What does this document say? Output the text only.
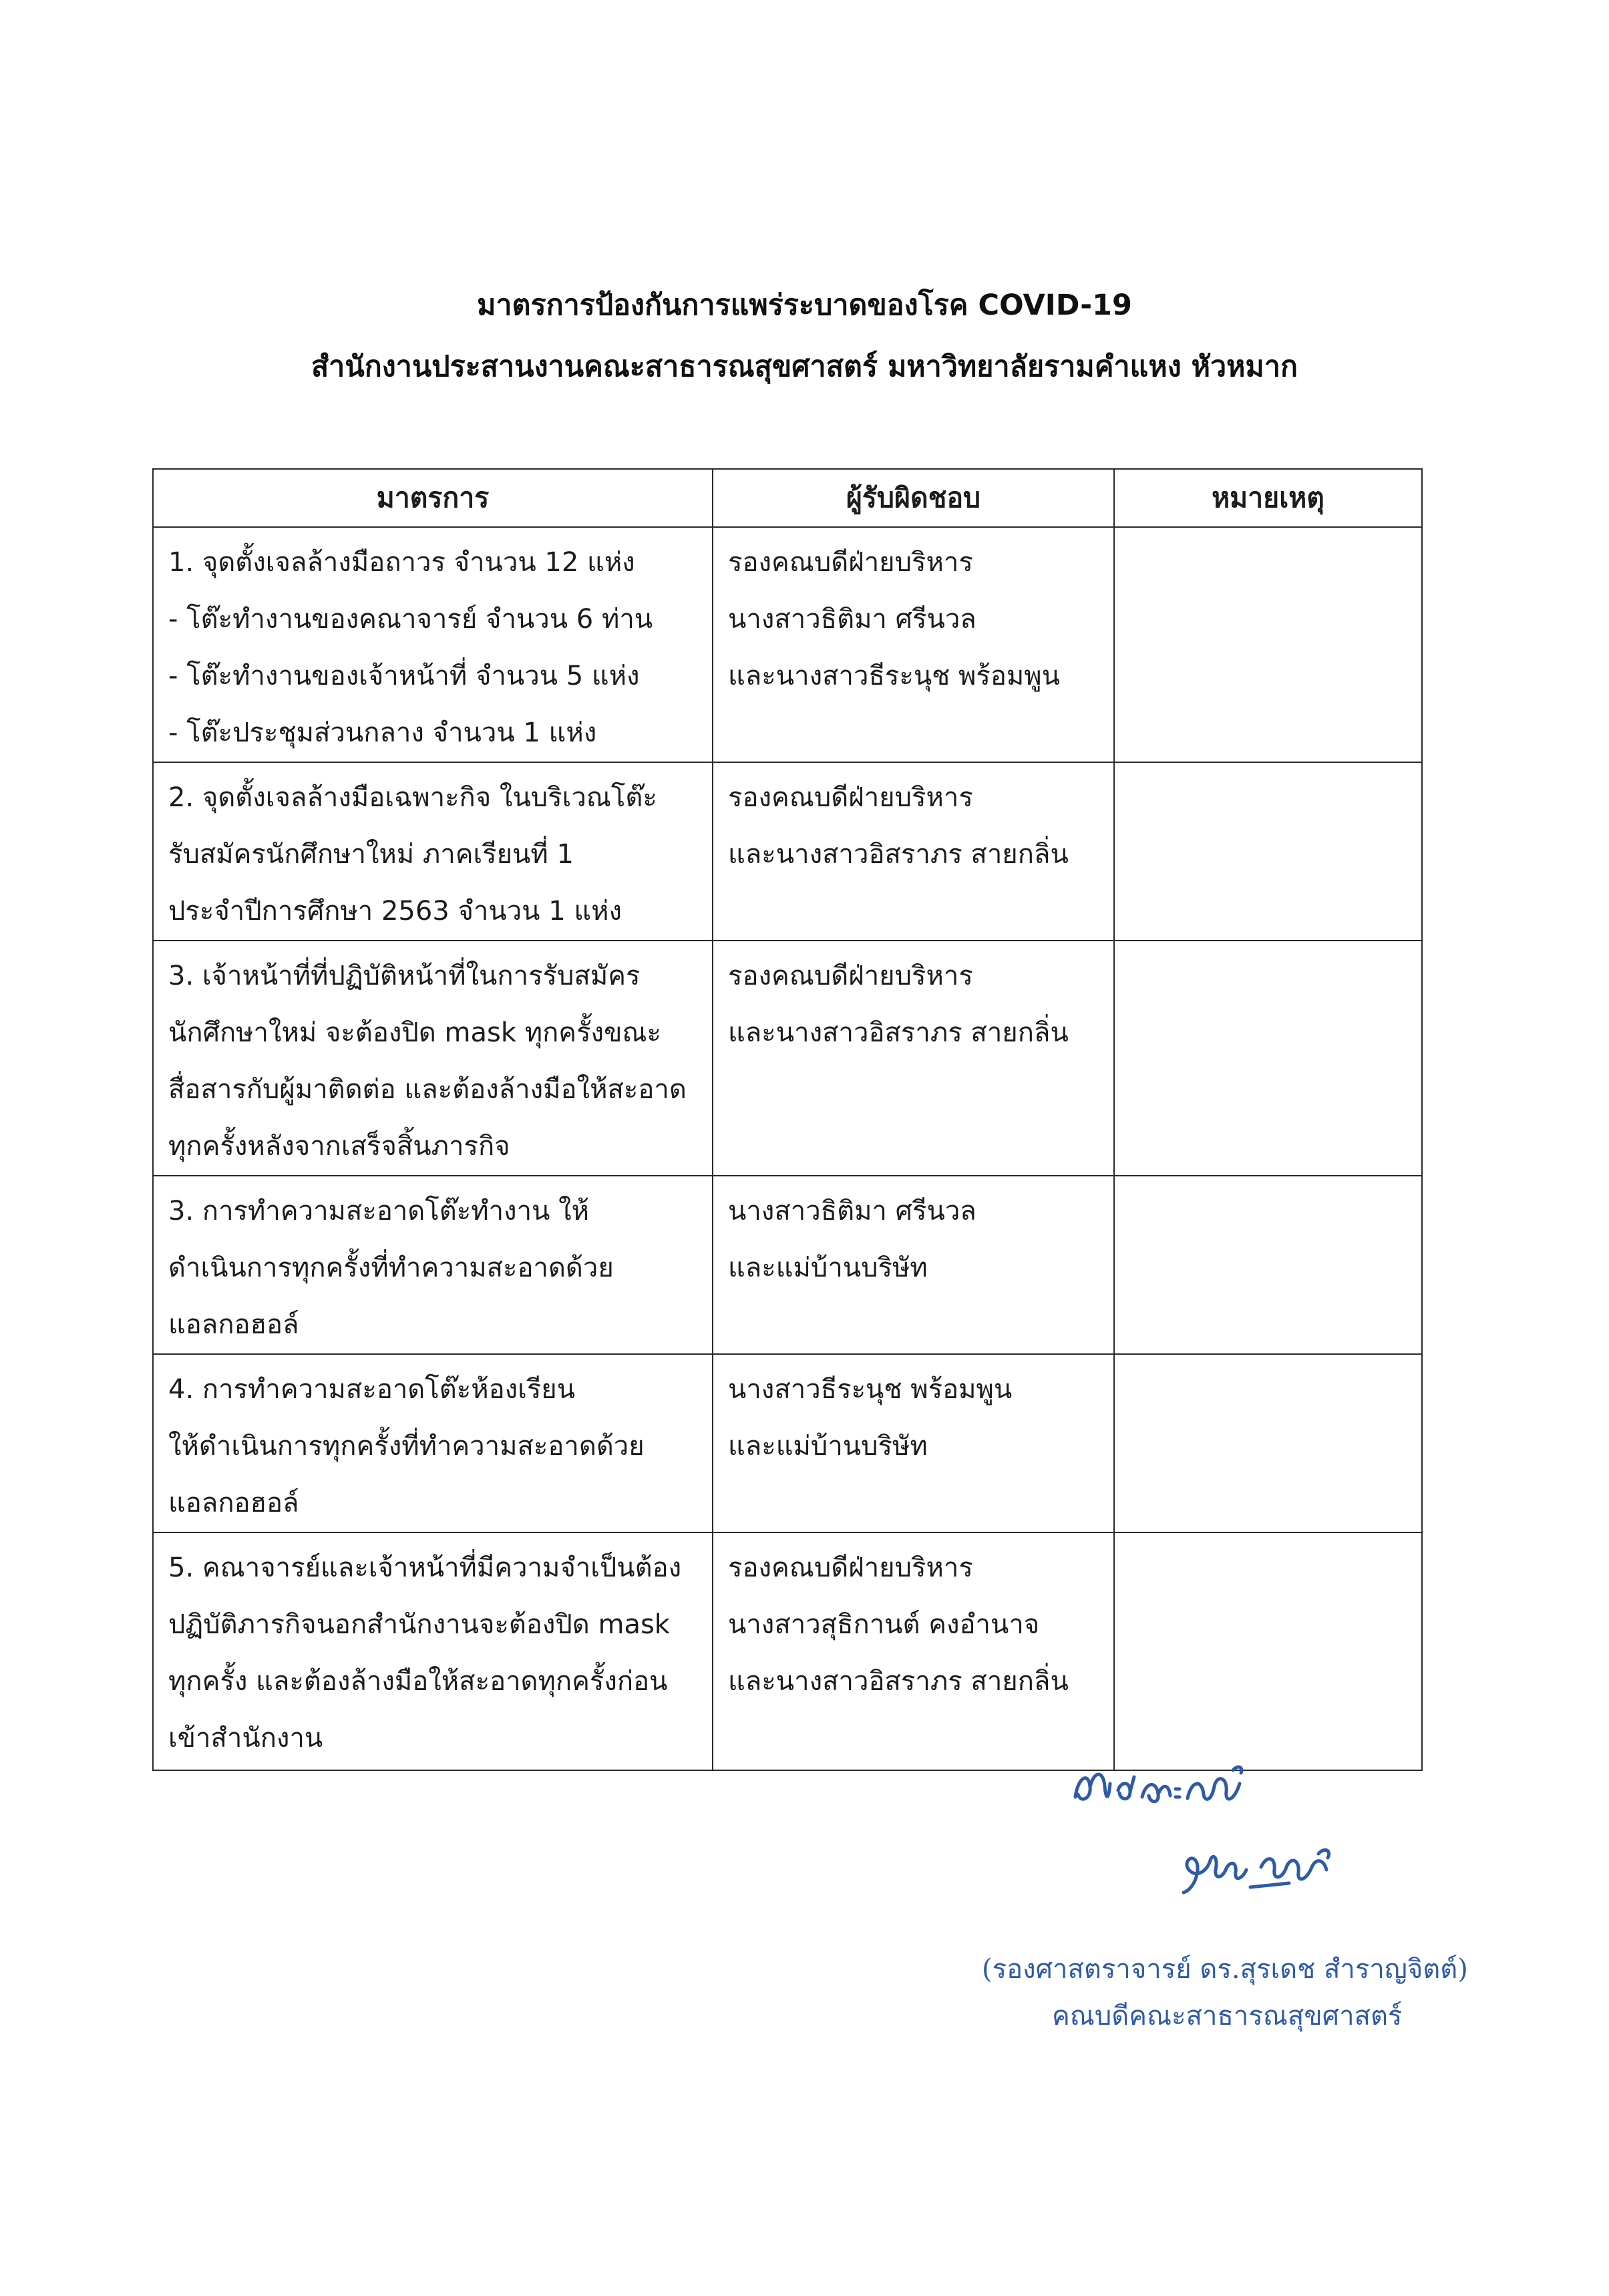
มาตรการป้องกันการแพร่ระบาดของโรค COVID-19
สำนักงานประสานงานคณะสาธารณสุขศาสตร์ มหาวิทยาลัยรามคำแหง หัวหมาก
มาตรการ	ผู้รับผิดชอบ	หมายเหตุ

1. จุดตั้งเจลล้างมือถาวร จำนวน 12 แห่ง
- โต๊ะทำงานของคณาจารย์ จำนวน 6 ท่าน
- โต๊ะทำงานของเจ้าหน้าที่ จำนวน 5 แห่ง
- โต๊ะประชุมส่วนกลาง จำนวน 1 แห่ง	รองคณบดีฝ่ายบริหาร
นางสาวธิติมา ศรีนวล
และนางสาวธีระนุช พร้อมพูน	

2. จุดตั้งเจลล้างมือเฉพาะกิจ ในบริเวณโต๊ะ
รับสมัครนักศึกษาใหม่ ภาคเรียนที่ 1
ประจำปีการศึกษา 2563 จำนวน 1 แห่ง	รองคณบดีฝ่ายบริหาร
และนางสาวอิสราภร สายกลิ่น	

3. เจ้าหน้าที่ที่ปฏิบัติหน้าที่ในการรับสมัคร
นักศึกษาใหม่ จะต้องปิด mask ทุกครั้งขณะ
สื่อสารกับผู้มาติดต่อ และต้องล้างมือให้สะอาด
ทุกครั้งหลังจากเสร็จสิ้นภารกิจ	รองคณบดีฝ่ายบริหาร
และนางสาวอิสราภร สายกลิ่น	

3. การทำความสะอาดโต๊ะทำงาน ให้
ดำเนินการทุกครั้งที่ทำความสะอาดด้วย
แอลกอฮอล์	นางสาวธิติมา ศรีนวล
และแม่บ้านบริษัท	

4. การทำความสะอาดโต๊ะห้องเรียน
ให้ดำเนินการทุกครั้งที่ทำความสะอาดด้วย
แอลกอฮอล์	นางสาวธีระนุช พร้อมพูน
และแม่บ้านบริษัท	

5. คณาจารย์และเจ้าหน้าที่มีความจำเป็นต้อง
ปฏิบัติภารกิจนอกสำนักงานจะต้องปิด mask
ทุกครั้ง และต้องล้างมือให้สะอาดทุกครั้งก่อน
เข้าสำนักงาน	รองคณบดีฝ่ายบริหาร
นางสาวสุธิกานต์ คงอำนาจ
และนางสาวอิสราภร สายกลิ่น	

(รองศาสตราจารย์ ดร.สุรเดช สำราญจิตต์)
คณบดีคณะสาธารณสุขศาสตร์
